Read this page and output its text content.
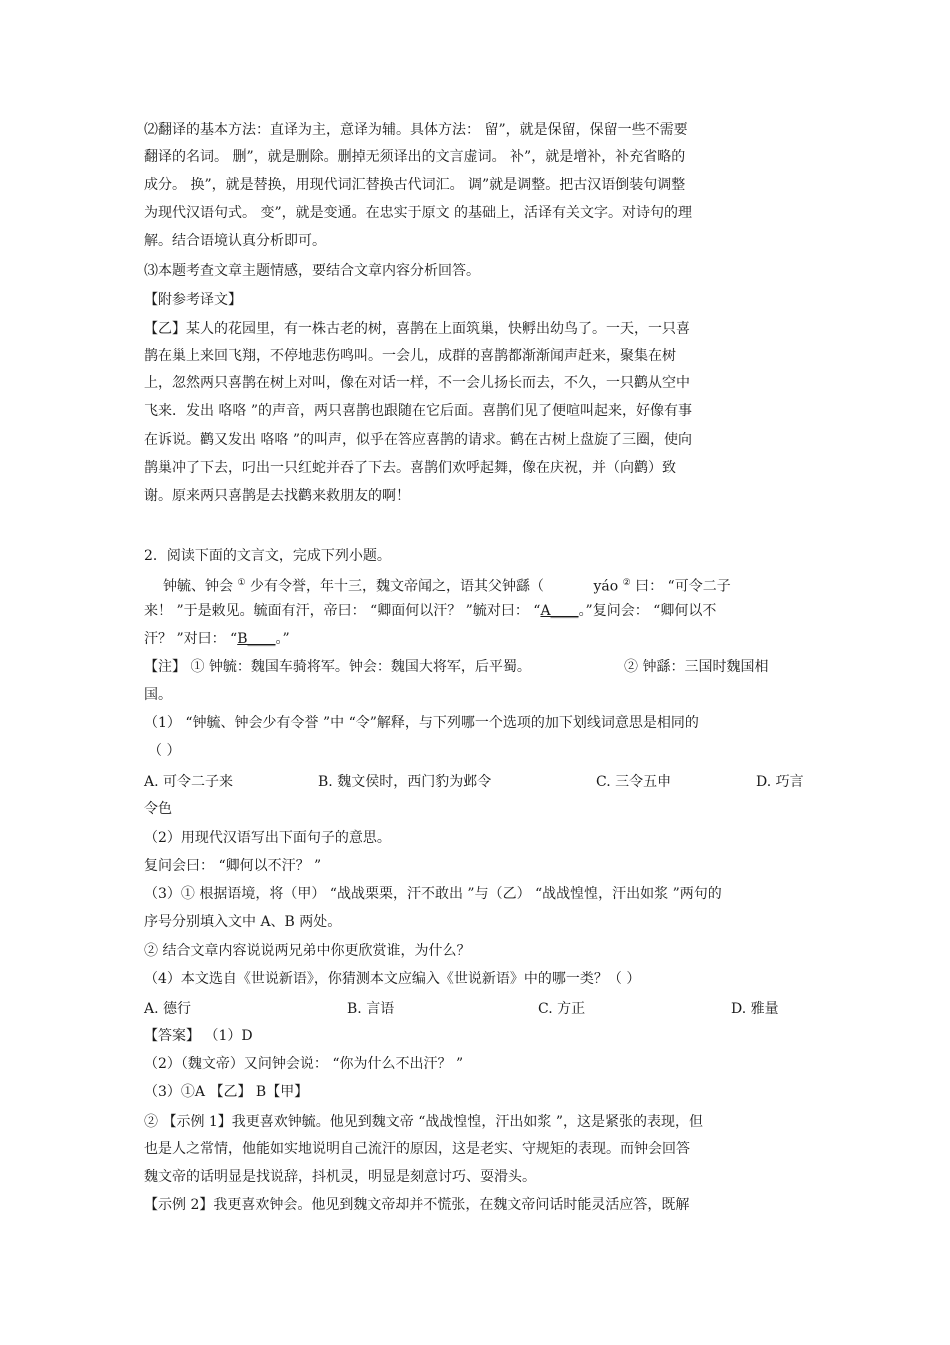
⑵翻译的基本方法：直译为主，意译为辅。具体方法： 留”，就是保留，保留一些不需要
翻译的名词。 删”，就是删除。删掉无须译出的文言虚词。 补”，就是增补，补充省略的
成分。 换”，就是替换，用现代词汇替换古代词汇。 调”就是调整。把古汉语倒装句调整
为现代汉语句式。 变”，就是变通。在忠实于原文 的基础上，活译有关文字。对诗句的理
解。结合语境认真分析即可。
⑶本题考查文章主题情感，要结合文章内容分析回答。
【附参考译文】
【乙】某人的花园里，有一株古老的树，喜鹊在上面筑巢，快孵出幼鸟了。一天，一只喜
鹊在巢上来回飞翔，不停地悲伤鸣叫。一会儿，成群的喜鹊都渐渐闻声赶来，聚集在树
上，忽然两只喜鹊在树上对叫，像在对话一样，不一会儿扬长而去，不久，一只鹳从空中
飞来．发出 咯咯 ”的声音，两只喜鹊也跟随在它后面。喜鹊们见了便喧叫起来，好像有事
在诉说。鹳又发出 咯咯 ”的叫声，似乎在答应喜鹊的请求。鹤在古树上盘旋了三圈，使向
鹊巢冲了下去，叼出一只红蛇并吞了下去。喜鹊们欢呼起舞，像在庆祝，并（向鹳）致
谢。原来两只喜鹊是去找鹳来救朋友的啊！
2．阅读下面的文言文，完成下列小题。
钟毓、钟会 ① 少有令誉，年十三，魏文帝闻之，语其父钟繇（	yáo ② 曰： “可令二子
来！ ”于是敕见。毓面有汗，帝曰： “卿面何以汗？ ”毓对曰： “A____。”复问会： “卿何以不
汗？ ”对曰： “B____。”
【注】 ① 钟毓：魏国车骑将军。钟会：魏国大将军，后平蜀。	② 钟繇：三国时魏国相
国。
（1） “钟毓、钟会少有令誉 ”中 “令”解释，与下列哪一个选项的加下划线词意思是相同的
（ ）
A. 可令二子来	B. 魏文侯时，西门豹为邺令	C. 三令五申	D. 巧言
令色
（2）用现代汉语写出下面句子的意思。
复问会曰： “卿何以不汗？ ”
（3）① 根据语境，将（甲） “战战栗栗，汗不敢出 ”与（乙） “战战惶惶，汗出如浆 ”两句的
序号分别填入文中 A、B 两处。
② 结合文章内容说说两兄弟中你更欣赏谁，为什么？
（4）本文选自《世说新语》，你猜测本文应编入《世说新语》中的哪一类？（ ）
A. 德行	B. 言语	C. 方正	D. 雅量
【答案】 （1）D
（2）（魏文帝）又问钟会说： “你为什么不出汗？ ”
（3）①A 【乙】 B【甲】
② 【示例 1】我更喜欢钟毓。他见到魏文帝 “战战惶惶，汗出如浆 ”，这是紧张的表现，但
也是人之常情，他能如实地说明自己流汗的原因，这是老实、守规矩的表现。而钟会回答
魏文帝的话明显是找说辞，抖机灵，明显是刻意讨巧、耍滑头。
【示例 2】我更喜欢钟会。他见到魏文帝却并不慌张，在魏文帝问话时能灵活应答，既解
